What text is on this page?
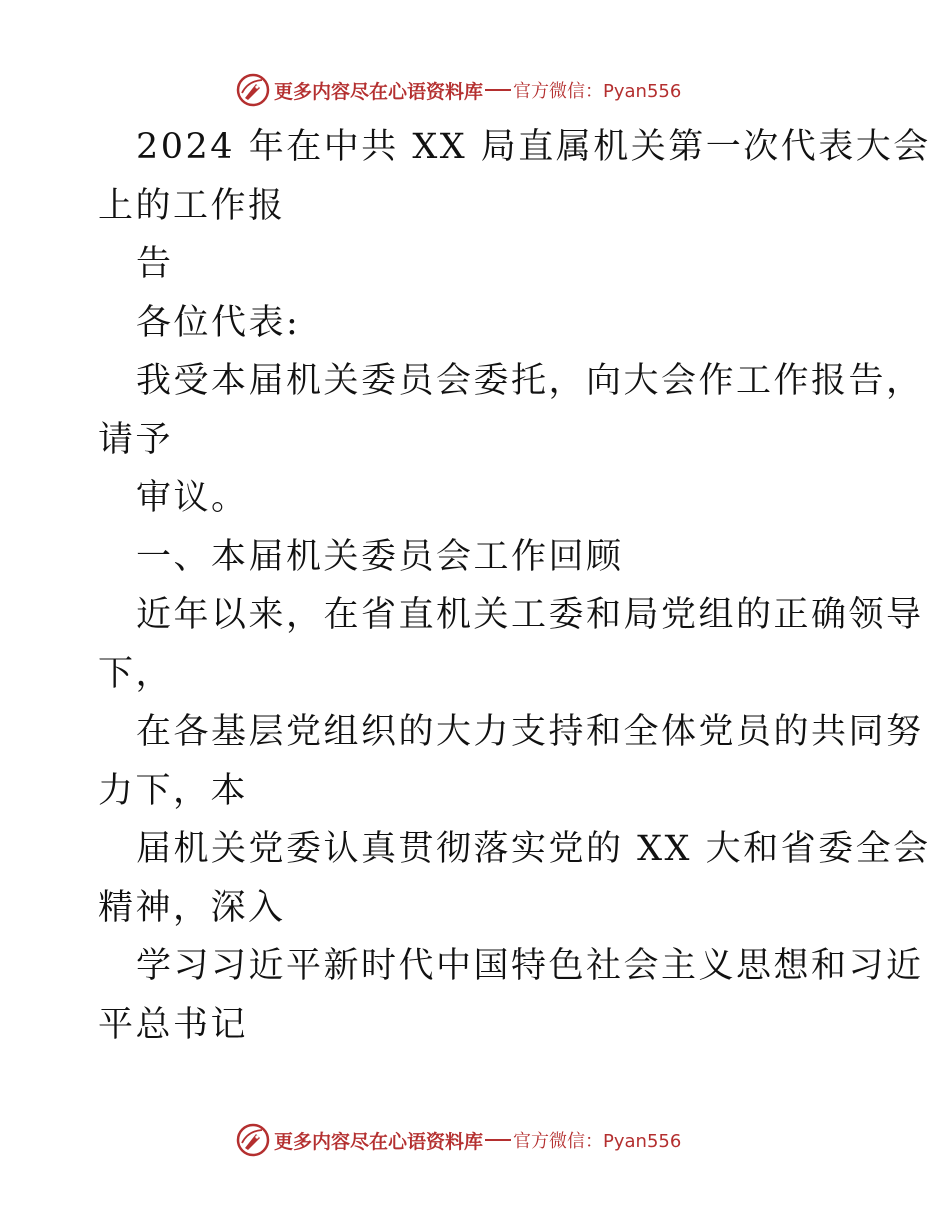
更多内容尽在心语资料库 官方微信：Pyan556
2024 年在中共 XX 局直属机关第一次代表大会
上的工作报
告
各位代表:
我受本届机关委员会委托，向大会作工作报告，
请予
审议。
一、本届机关委员会工作回顾
近年以来，在省直机关工委和局党组的正确领导
下，
在各基层党组织的大力支持和全体党员的共同努
力下，本
届机关党委认真贯彻落实党的 XX 大和省委全会
精神，深入
学习习近平新时代中国特色社会主义思想和习近
平总书记
更多内容尽在心语资料库 官方微信：Pyan556
